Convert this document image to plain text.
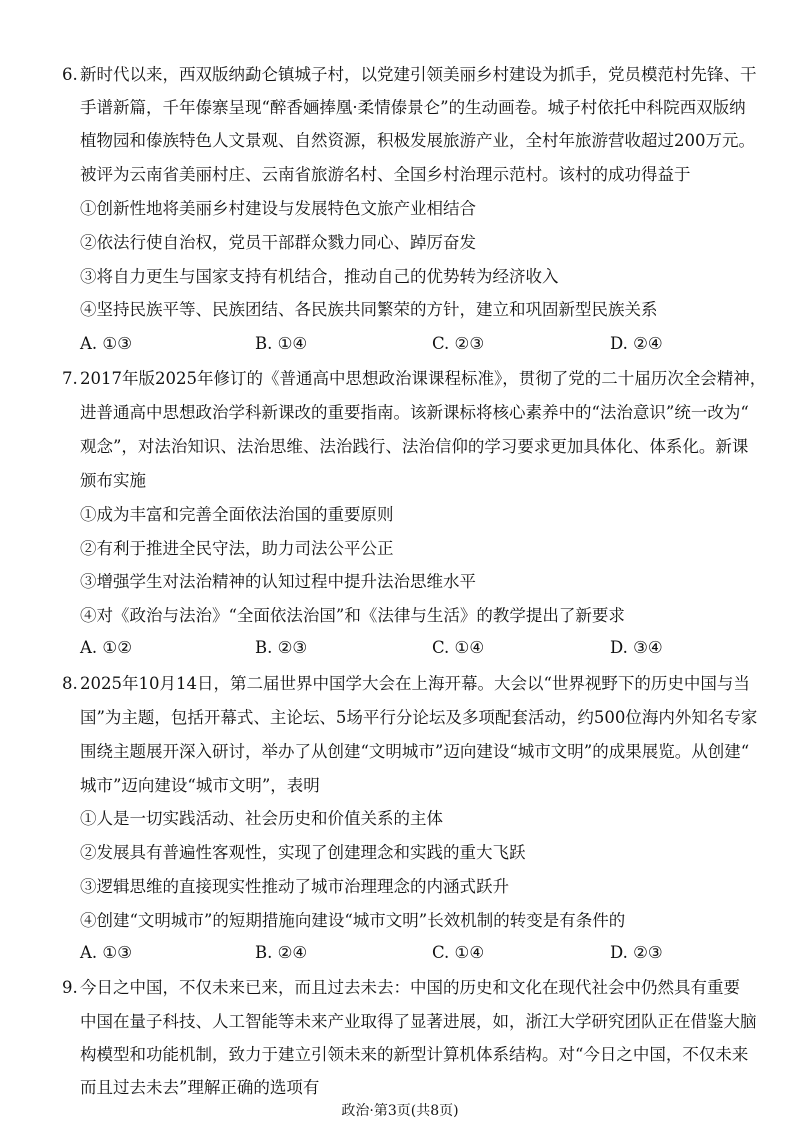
6. 新时代以来，西双版纳勐仑镇城子村，以党建引领美丽乡村建设为抓手，党员模范村先锋、干
手谱新篇，千年傣寨呈现“醉香婳捧凰·柔情傣景仑”的生动画卷。城子村依托中科院西双版纳
植物园和傣族特色人文景观、自然资源，积极发展旅游产业，全村年旅游营收超过200万元。
被评为云南省美丽村庄、云南省旅游名村、全国乡村治理示范村。该村的成功得益于
①创新性地将美丽乡村建设与发展特色文旅产业相结合
②依法行使自治权，党员干部群众戮力同心、踔厉奋发
③将自力更生与国家支持有机结合，推动自己的优势转为经济收入
④坚持民族平等、民族团结、各民族共同繁荣的方针，建立和巩固新型民族关系
A. ①③	B. ①④	C. ②③	D. ②④
7. 2017年版2025年修订的《普通高中思想政治课课程标准》，贯彻了党的二十届历次全会精神，
进普通高中思想政治学科新课改的重要指南。该新课标将核心素养中的“法治意识”统一改为“
观念”，对法治知识、法治思维、法治践行、法治信仰的学习要求更加具体化、体系化。新课
颁布实施
①成为丰富和完善全面依法治国的重要原则
②有利于推进全民守法，助力司法公平公正
③增强学生对法治精神的认知过程中提升法治思维水平
④对《政治与法治》“全面依法治国”和《法律与生活》的教学提出了新要求
A. ①②	B. ②③	C. ①④	D. ③④
8. 2025年10月14日，第二届世界中国学大会在上海开幕。大会以“世界视野下的历史中国与当
国”为主题，包括开幕式、主论坛、5场平行分论坛及多项配套活动，约500位海内外知名专家
围绕主题展开深入研讨，举办了从创建“文明城市”迈向建设“城市文明”的成果展览。从创建“
城市”迈向建设“城市文明”，表明
①人是一切实践活动、社会历史和价值关系的主体
②发展具有普遍性客观性，实现了创建理念和实践的重大飞跃
③逻辑思维的直接现实性推动了城市治理理念的内涵式跃升
④创建“文明城市”的短期措施向建设“城市文明”长效机制的转变是有条件的
A. ①③	B. ②④	C. ①④	D. ②③
9. 今日之中国，不仅未来已来，而且过去未去：中国的历史和文化在现代社会中仍然具有重要
中国在量子科技、人工智能等未来产业取得了显著进展，如，浙江大学研究团队正在借鉴大脑
构模型和功能机制，致力于建立引领未来的新型计算机体系结构。对“今日之中国，不仅未来
而且过去未去”理解正确的选项有
政治·第3页(共8页)
